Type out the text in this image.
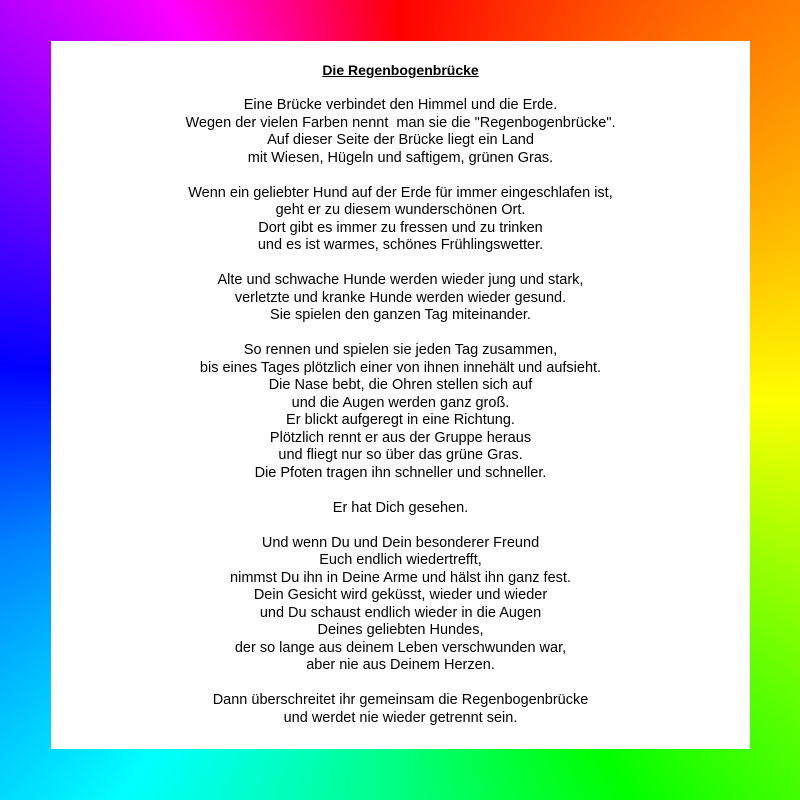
Die Regenbogenbrücke
Eine Brücke verbindet den Himmel und die Erde.
Wegen der vielen Farben nennt  man sie die "Regenbogenbrücke".
Auf dieser Seite der Brücke liegt ein Land
mit Wiesen, Hügeln und saftigem, grünen Gras.
Wenn ein geliebter Hund auf der Erde für immer eingeschlafen ist,
geht er zu diesem wunderschönen Ort.
Dort gibt es immer zu fressen und zu trinken
und es ist warmes, schönes Frühlingswetter.
Alte und schwache Hunde werden wieder jung und stark,
verletzte und kranke Hunde werden wieder gesund.
Sie spielen den ganzen Tag miteinander.
So rennen und spielen sie jeden Tag zusammen,
bis eines Tages plötzlich einer von ihnen innehält und aufsieht.
Die Nase bebt, die Ohren stellen sich auf
und die Augen werden ganz groß.
Er blickt aufgeregt in eine Richtung.
Plötzlich rennt er aus der Gruppe heraus
und fliegt nur so über das grüne Gras.
Die Pfoten tragen ihn schneller und schneller.
Er hat Dich gesehen.
Und wenn Du und Dein besonderer Freund
Euch endlich wiedertrefft,
nimmst Du ihn in Deine Arme und hälst ihn ganz fest.
Dein Gesicht wird geküsst, wieder und wieder
und Du schaust endlich wieder in die Augen
Deines geliebten Hundes,
der so lange aus deinem Leben verschwunden war,
aber nie aus Deinem Herzen.
Dann überschreitet ihr gemeinsam die Regenbogenbrücke
und werdet nie wieder getrennt sein.
